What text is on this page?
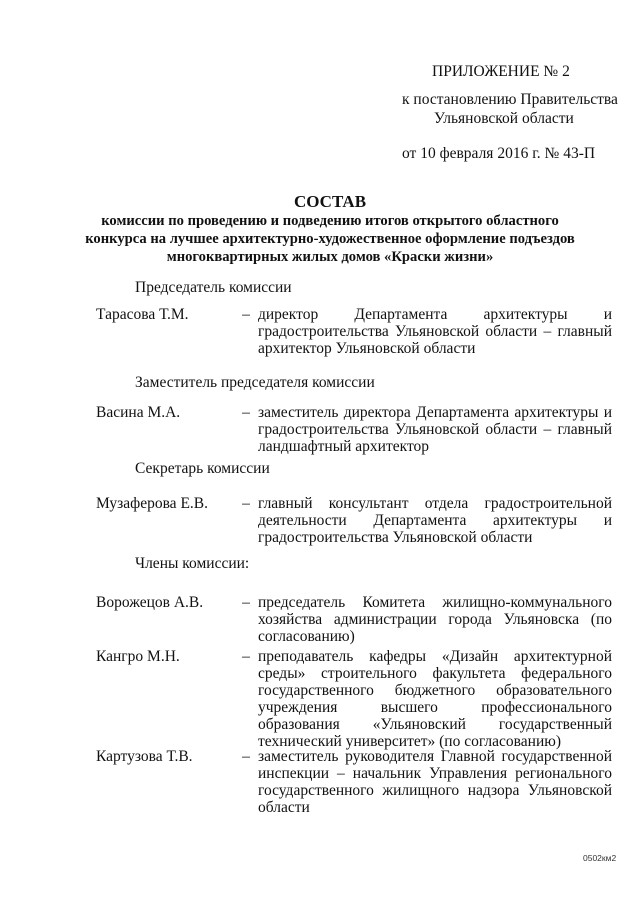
ПРИЛОЖЕНИЕ № 2
к постановлению Правительства
Ульяновской области
от 10 февраля 2016 г. № 43-П
СОСТАВ
комиссии по проведению и подведению итогов открытого областного
конкурса на лучшее архитектурно-художественное оформление подъездов
многоквартирных жилых домов «Краски жизни»
Председатель комиссии
Тарасова Т.М.	– директор Департамента архитектуры и градостроительства Ульяновской области – главный архитектор Ульяновской области
Заместитель председателя комиссии
Васина М.А.	– заместитель директора Департамента архитектуры и градостроительства Ульяновской области – главный ландшафтный архитектор
Секретарь комиссии
Музаферова Е.В.	– главный консультант отдела градостроительной деятельности Департамента архитектуры и градостроительства Ульяновской области
Члены комиссии:
Ворожецов А.В.	– председатель Комитета жилищно-коммунального хозяйства администрации города Ульяновска (по согласованию)
Кангро М.Н.	– преподаватель кафедры «Дизайн архитектурной среды» строительного факультета федерального государственного бюджетного образовательного учреждения высшего профессионального образования «Ульяновский государственный технический университет» (по согласованию)
Картузова Т.В.	– заместитель руководителя Главной государственной инспекции – начальник Управления регионального государственного жилищного надзора Ульяновской области
0502км2
